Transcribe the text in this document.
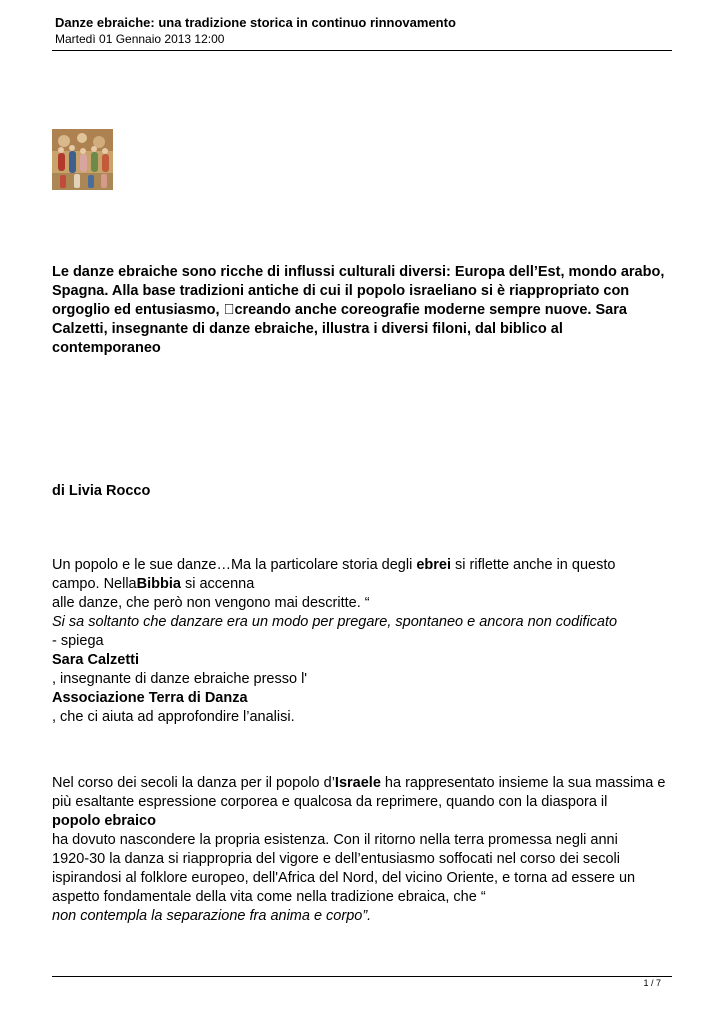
Danze ebraiche: una tradizione storica in continuo rinnovamento
Martedì 01 Gennaio 2013 12:00
Le danze ebraiche sono ricche di influssi culturali diversi: Europa dell’Est, mondo arabo,
Spagna. Alla base tradizioni antiche di cui il popolo israeliano si è riappropriato con
orgoglio ed entusiasmo,  creando anche coreografie moderne sempre nuove. Sara
Calzetti, insegnante di danze ebraiche, illustra i diversi filoni, dal biblico al
contemporaneo
di Livia Rocco
Un popolo e le sue danze…Ma la particolare storia degli ebrei si riflette anche in questo
campo. NellaBibbia si accenna
alle danze, che però non vengono mai descritte. “
Si sa soltanto che danzare era un modo per pregare, spontaneo e ancora non codificato
- spiega
Sara Calzetti
, insegnante di danze ebraiche presso l'
Associazione Terra di Danza
, che ci aiuta ad approfondire l’analisi.
Nel corso dei secoli la danza per il popolo d’Israele ha rappresentato insieme la sua massima e
più esaltante espressione corporea e qualcosa da reprimere, quando con la diaspora il
popolo ebraico
ha dovuto nascondere la propria esistenza. Con il ritorno nella terra promessa negli anni
1920-30 la danza si riappropria del vigore e dell’entusiasmo soffocati nel corso dei secoli
ispirandosi al folklore europeo, dell'Africa del Nord, del vicino Oriente, e torna ad essere un
aspetto fondamentale della vita come nella tradizione ebraica, che “
non contempla la separazione fra anima e corpo”.
1 / 7
